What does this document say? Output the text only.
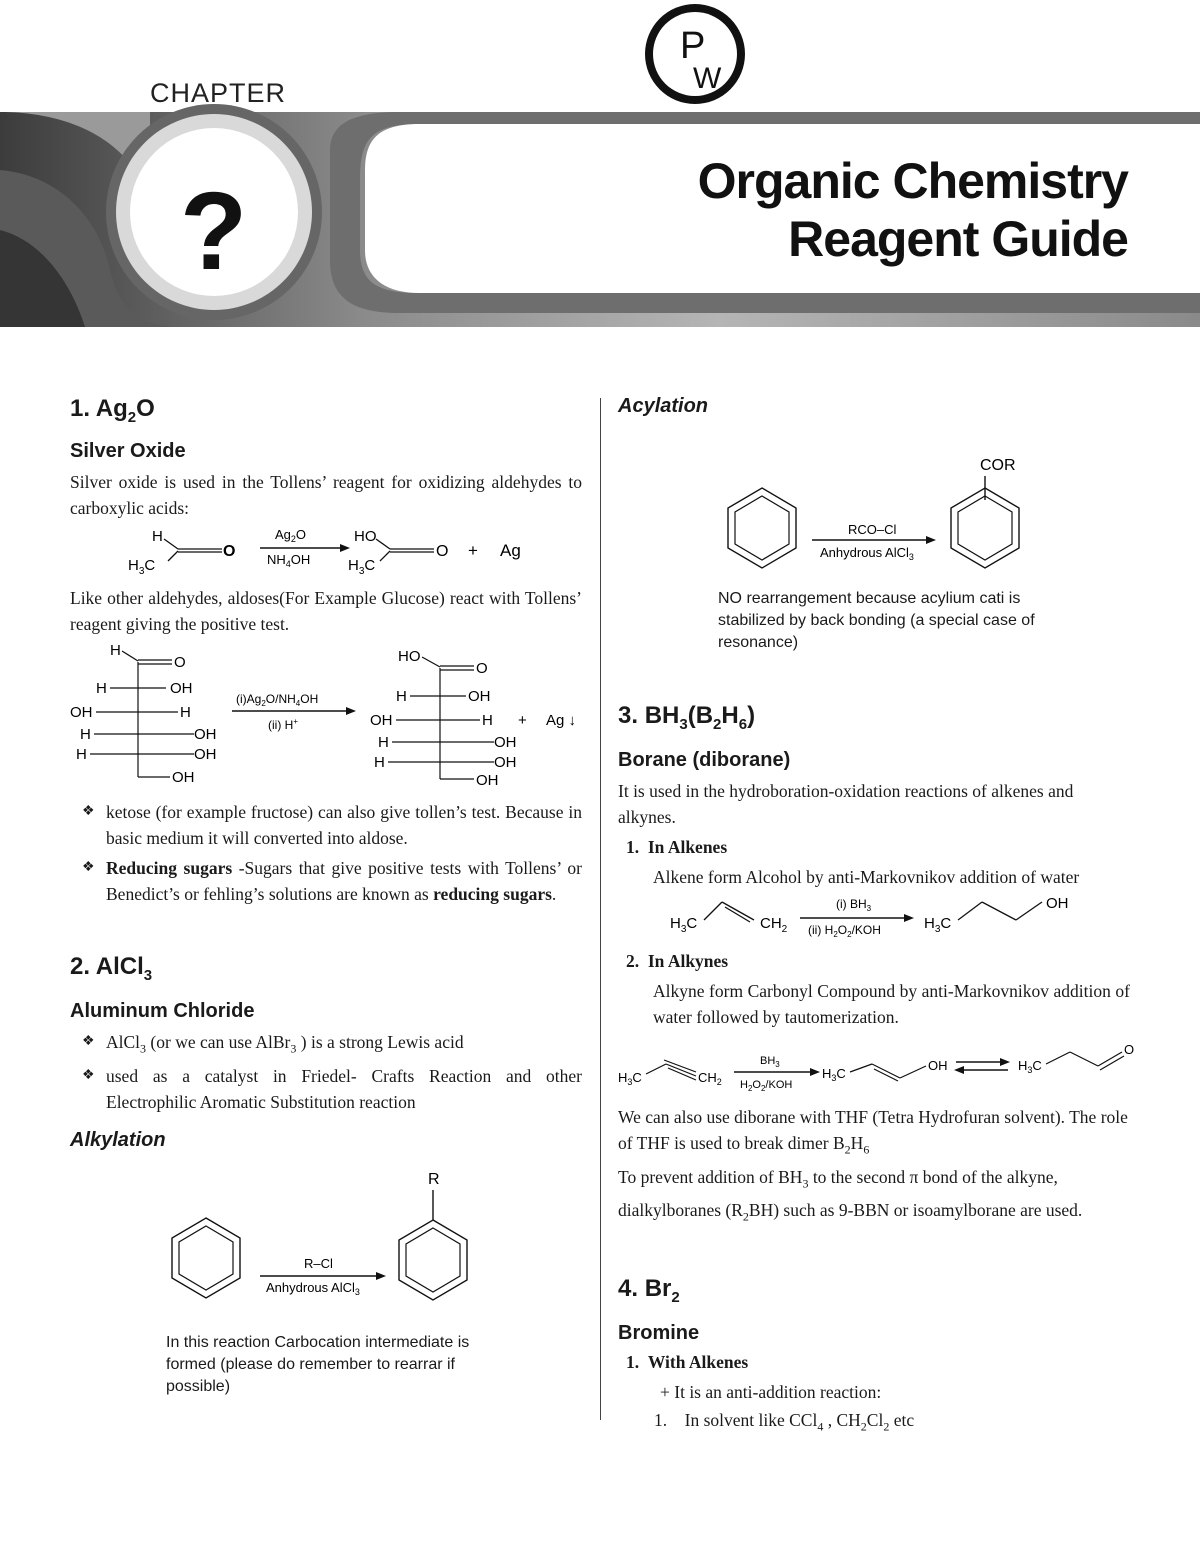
P
W
CHAPTER
?	Organic Chemistry
Reagent Guide
1. $Ag_2O$
Silver Oxide
Silver oxide is used in the Tollens’ reagent for oxidizing aldehydes to carboxylic acids:
H
O
$H_3C$
$Ag_2O$
$NH_4OH$
HO
O
$H_3C$
+ Ag
Like other aldehydes, aldoses(For Example Glucose) react with Tollens’ reagent giving the positive test.
H
O
H	OH
OH	H
H	OH
H	OH
OH
$(i)Ag_2O/NH_4OH$
(ii) H+
HO
O
H	OH
OH	H + Ag ↓
H	OH
H	OH
OH
❖ ketose (for example fructose) can also give tollen’s test. Because in basic medium it will converted into aldose.
❖ Reducing sugars -Sugars that give positive tests with Tollens’ or Benedict’s or fehling’s solutions are known as reducing sugars.
2. AlCl$_3$
Aluminum Chloride
❖ AlCl$_3$ (or we can use AlBr$_3$ ) is a strong Lewis acid
❖ used as a catalyst in Friedel- Crafts Reaction and other Electrophilic Aromatic Substitution reaction
Alkylation
R–Cl
Anhydrous AlCl$_3$
R
In this reaction Carbocation intermediate is formed (please do remember to rearrar if possible)
Acylation
RCO–Cl
Anhydrous AlCl$_3$
COR
NO rearrangement because acylium cati is stabilized by back bonding (a special case of resonance)
3. $BH_3(B_2H_6)$
Borane (diborane)
It is used in the hydroboration-oxidation reactions of alkenes and alkynes.
1. In Alkenes
Alkene form Alcohol by anti-Markovnikov addition of water
$H_3C$	$CH_2$
(i) $BH_3$
(ii) $H_2O_2$/KOH	$H_3C$
OH
2. In Alkynes
Alkyne form Carbonyl Compound by anti-Markovnikov addition of water followed by tautomerization.
$H_3C$	$CH_2$
$BH_3$
$H_2O_2$/KOH
$H_3C$
OH	$H_3C$
O
We can also use diborane with THF (Tetra Hydrofuran solvent). The role of THF is used to break dimer $B_2H_6$
To prevent addition of $BH_3$ to the second π bond of the alkyne, dialkylboranes $(R_2BH)$ such as 9-BBN or isoamylborane are used.
4. $Br_2$
Bromine
1. With Alkenes
+ It is an anti-addition reaction:
1. In solvent like CCl$_4$ , $CH_2Cl_2$ etc
